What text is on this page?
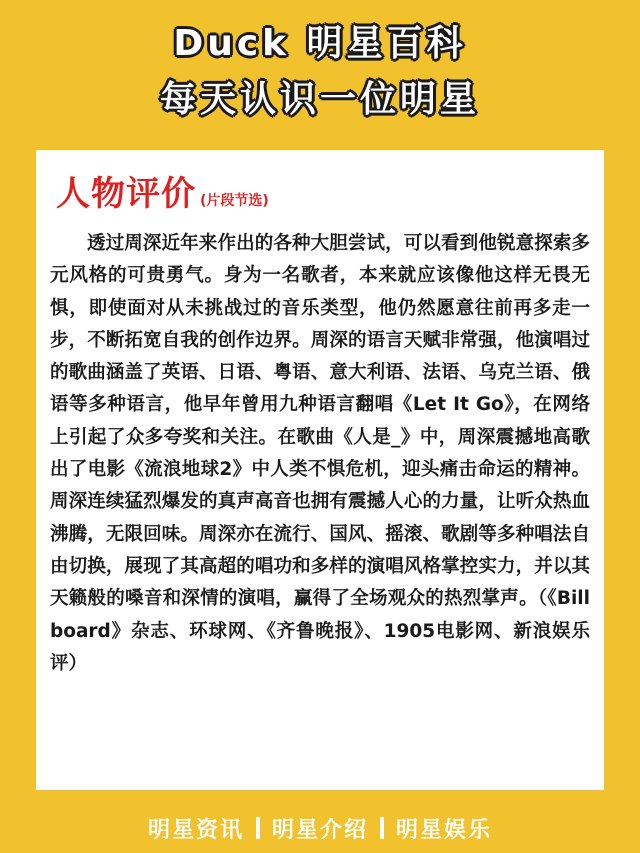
Duck 明星百科
每天认识一位明星
人物评价 (片段节选)
透过周深近年来作出的各种大胆尝试，可以看到他锐意探索多元风格的可贵勇气。身为一名歌者，本来就应该像他这样无畏无惧，即使面对从未挑战过的音乐类型，他仍然愿意往前再多走一步，不断拓宽自我的创作边界。周深的语言天赋非常强，他演唱过的歌曲涵盖了英语、日语、粤语、意大利语、法语、乌克兰语、俄语等多种语言，他早年曾用九种语言翻唱《Let It Go》，在网络上引起了众多夸奖和关注。在歌曲《人是_》中，周深震撼地高歌出了电影《流浪地球2》中人类不惧危机，迎头痛击命运的精神。周深连续猛烈爆发的真声高音也拥有震撼人心的力量，让听众热血沸腾，无限回味。周深亦在流行、国风、摇滚、歌剧等多种唱法自由切换，展现了其高超的唱功和多样的演唱风格掌控实力，并以其天籁般的嗓音和深情的演唱，赢得了全场观众的热烈掌声。（《Billboard》杂志、环球网、《齐鲁晚报》、1905电影网、新浪娱乐 评）
明星资讯 明星介绍 明星娱乐
